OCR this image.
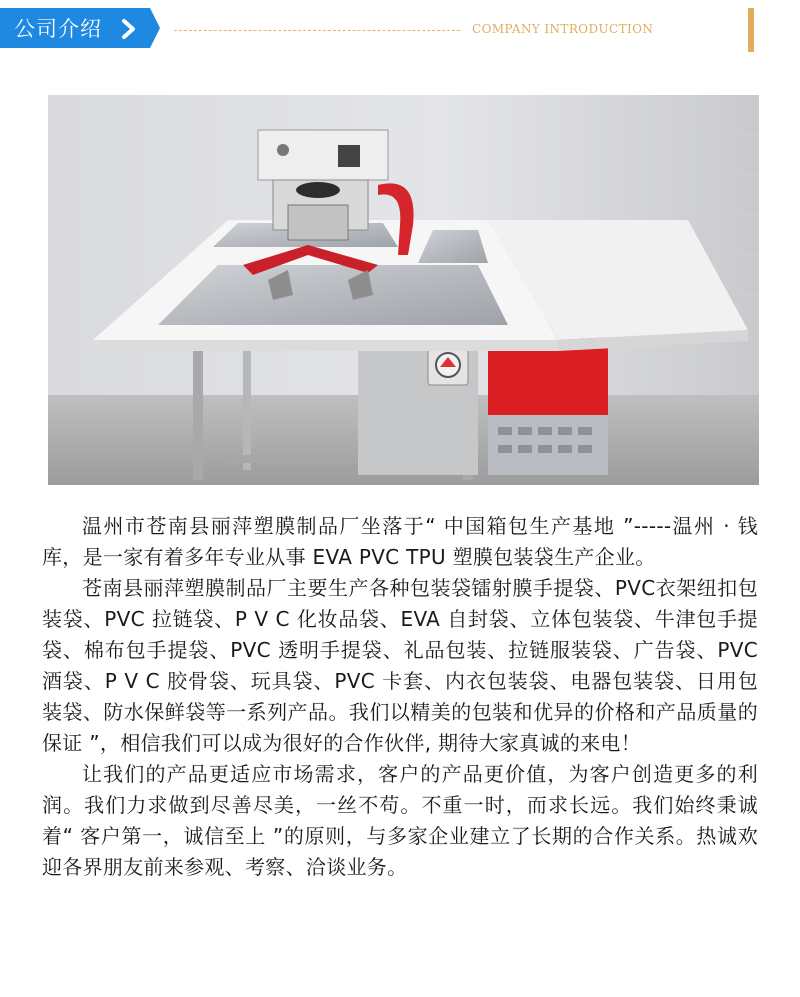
公司介绍	COMPANY INTRODUCTION

温州市苍南县丽萍塑膜制品厂坐落于“ 中国箱包生产基地 ”-----温州 · 钱库，是一家有着多年专业从事 EVA PVC TPU 塑膜包装袋生产企业。

苍南县丽萍塑膜制品厂主要生产各种包装袋镭射膜手提袋、PVC衣架纽扣包装袋、PVC 拉链袋、P V C 化妆品袋、EVA 自封袋、立体包装袋、牛津包手提袋、棉布包手提袋、PVC 透明手提袋、礼品包装、拉链服装袋、广告袋、PVC 酒袋、P V C 胶骨袋、玩具袋、PVC 卡套、内衣包装袋、电器包装袋、日用包装袋、防水保鲜袋等一系列产品。我们以精美的包装和优异的价格和产品质量的保证 ”，相信我们可以成为很好的合作伙伴, 期待大家真诚的来电！

让我们的产品更适应市场需求，客户的产品更价值，为客户创造更多的利润。我们力求做到尽善尽美，一丝不苟。不重一时，而求长远。我们始终秉诚着“ 客户第一，诚信至上 ”的原则，与多家企业建立了长期的合作关系。热诚欢迎各界朋友前来参观、考察、洽谈业务。
